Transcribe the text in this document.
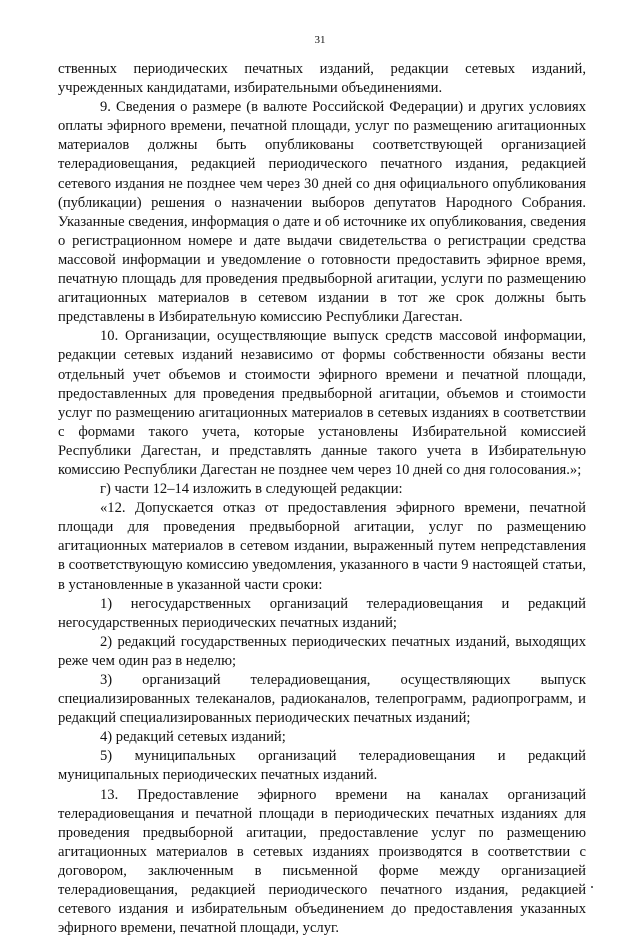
31

ственных периодических печатных изданий, редакции сетевых изданий, учрежденных кандидатами, избирательными объединениями.

9. Сведения о размере (в валюте Российской Федерации) и других условиях оплаты эфирного времени, печатной площади, услуг по размещению агитационных материалов должны быть опубликованы соответствующей организацией телерадиовещания, редакцией периодического печатного издания, редакцией сетевого издания не позднее чем через 30 дней со дня официального опубликования (публикации) решения о назначении выборов депутатов Народного Собрания. Указанные сведения, информация о дате и об источнике их опубликования, сведения о регистрационном номере и дате выдачи свидетельства о регистрации средства массовой информации и уведомление о готовности предоставить эфирное время, печатную площадь для проведения предвыборной агитации, услуги по размещению агитационных материалов в сетевом издании в тот же срок должны быть представлены в Избирательную комиссию Республики Дагестан.

10. Организации, осуществляющие выпуск средств массовой информации, редакции сетевых изданий независимо от формы собственности обязаны вести отдельный учет объемов и стоимости эфирного времени и печатной площади, предоставленных для проведения предвыборной агитации, объемов и стоимости услуг по размещению агитационных материалов в сетевых изданиях в соответствии с формами такого учета, которые установлены Избирательной комиссией Республики Дагестан, и представлять данные такого учета в Избирательную комиссию Республики Дагестан не позднее чем через 10 дней со дня голосования.»;

г) части 12–14 изложить в следующей редакции:

«12. Допускается отказ от предоставления эфирного времени, печатной площади для проведения предвыборной агитации, услуг по размещению агитационных материалов в сетевом издании, выраженный путем непредставления в соответствующую комиссию уведомления, указанного в части 9 настоящей статьи, в установленные в указанной части сроки:

1) негосударственных организаций телерадиовещания и редакций негосударственных периодических печатных изданий;

2) редакций государственных периодических печатных изданий, выходящих реже чем один раз в неделю;

3) организаций телерадиовещания, осуществляющих выпуск специализированных телеканалов, радиоканалов, телепрограмм, радиопрограмм, и редакций специализированных периодических печатных изданий;

4) редакций сетевых изданий;

5) муниципальных организаций телерадиовещания и редакций муниципальных периодических печатных изданий.

13. Предоставление эфирного времени на каналах организаций телерадиовещания и печатной площади в периодических печатных изданиях для проведения предвыборной агитации, предоставление услуг по размещению агитационных материалов в сетевых изданиях производятся в соответствии с договором, заключенным в письменной форме между организацией телерадиовещания, редакцией периодического печатного издания, редакцией сетевого издания и избирательным объединением до предоставления указанных эфирного времени, печатной площади, услуг.
